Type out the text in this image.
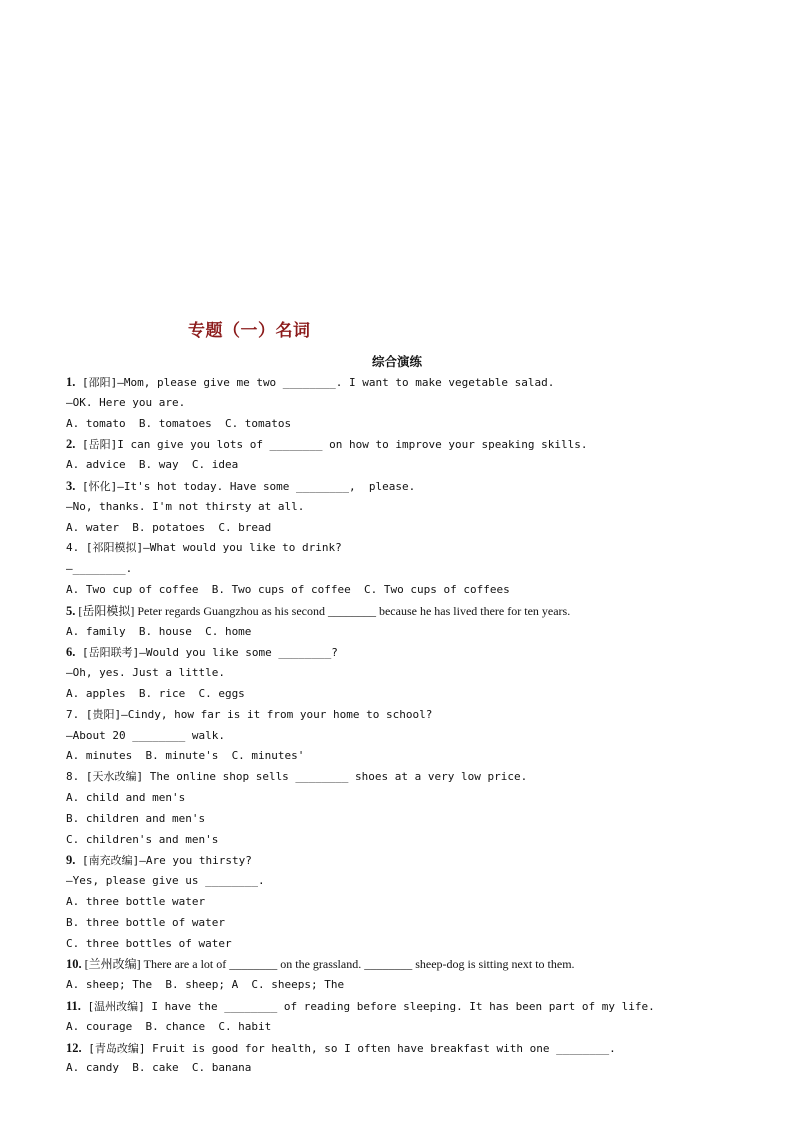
专题（一）名词
综合演练
1. [邵阳]—Mom, please give me two ________. I want to make vegetable salad.
—OK. Here you are.
A. tomato  B. tomatoes  C. tomatos
2. [岳阳]I can give you lots of ________ on how to improve your speaking skills.
A. advice  B. way  C. idea
3. [怀化]—It's hot today. Have some ________,  please.
—No, thanks. I'm not thirsty at all.
A. water  B. potatoes  C. bread
4. [祁阳模拟]—What would you like to drink?
—________.
A. Two cup of coffee  B. Two cups of coffee  C. Two cups of coffees
5. [岳阳模拟] Peter regards Guangzhou as his second ________ because he has lived there for ten years.
A. family  B. house  C. home
6. [岳阳联考]—Would you like some ________?
—Oh, yes. Just a little.
A. apples  B. rice  C. eggs
7. [贵阳]—Cindy, how far is it from your home to school?
—About 20 ________ walk.
A. minutes  B. minute's  C. minutes'
8. [天水改编] The online shop sells ________ shoes at a very low price.
A. child and men's
B. children and men's
C. children's and men's
9. [南充改编]—Are you thirsty?
—Yes, please give us ________.
A. three bottle water
B. three bottle of water
C. three bottles of water
10. [兰州改编] There are a lot of ________ on the grassland. ________ sheep-dog is sitting next to them.
A. sheep; The  B. sheep; A  C. sheeps; The
11. [温州改编] I have the ________ of reading before sleeping. It has been part of my life.
A. courage  B. chance  C. habit
12. [青岛改编] Fruit is good for health, so I often have breakfast with one ________.
A. candy  B. cake  C. banana
